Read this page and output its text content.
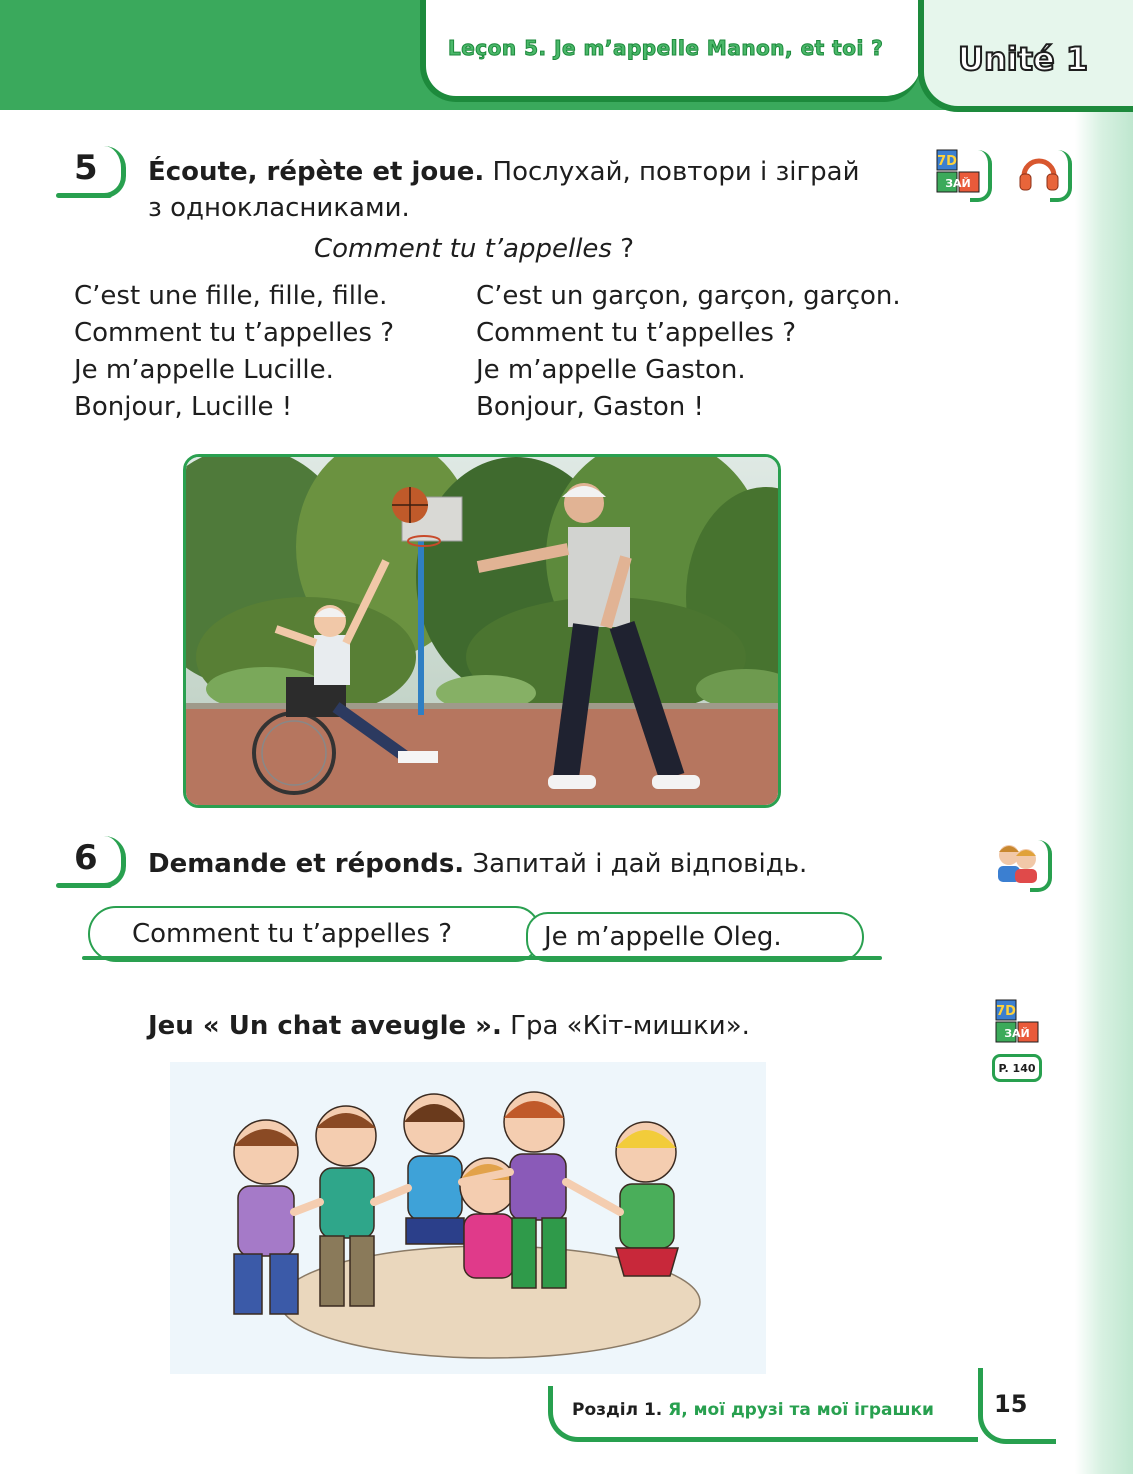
Leçon 5. Je m’appelle Manon, et toi ? Unité 1
5 Écoute, répète et joue. Послухай, повтори і зіграй
з однокласниками.
7D
ЗАЙ
Comment tu t’appelles ?
C’est une fille, fille, fille.
Comment tu t’appelles ?
Je m’appelle Lucille.
Bonjour, Lucille !
C’est un garçon, garçon, garçon.
Comment tu t’appelles ?
Je m’appelle Gaston.
Bonjour, Gaston !
6 Demande et réponds. Запитай і дай відповідь.
Comment tu t’appelles ?	Je m’appelle Oleg.
Jeu « Un chat aveugle ». Гра «Кіт-мишки».	7D
ЗАЙ
P. 140
Розділ 1. Я, мої друзі та мої іграшки	15
